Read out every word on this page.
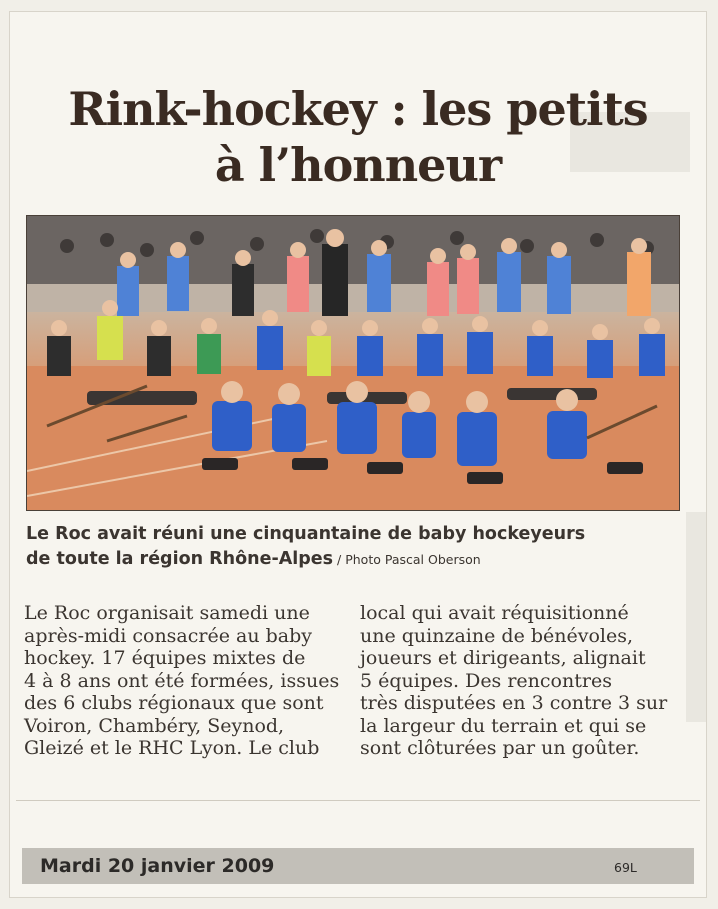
Rink-hockey : les petits
à l’honneur
Le Roc avait réuni une cinquantaine de baby hockeyeurs
de toute la région Rhône-Alpes / Photo Pascal Oberson

Le Roc organisait samedi une

après-midi consacrée au baby

hockey. 17 équipes mixtes de

4 à 8 ans ont été formées, issues

des 6 clubs régionaux que sont

Voiron, Chambéry, Seynod,

Gleizé et le RHC Lyon. Le club

local qui avait réquisitionné

une quinzaine de bénévoles,

joueurs et dirigeants, alignait

5 équipes. Des rencontres

très disputées en 3 contre 3 sur

la largeur du terrain et qui se

sont clôturées par un goûter.

Mardi 20 janvier 2009	69L
